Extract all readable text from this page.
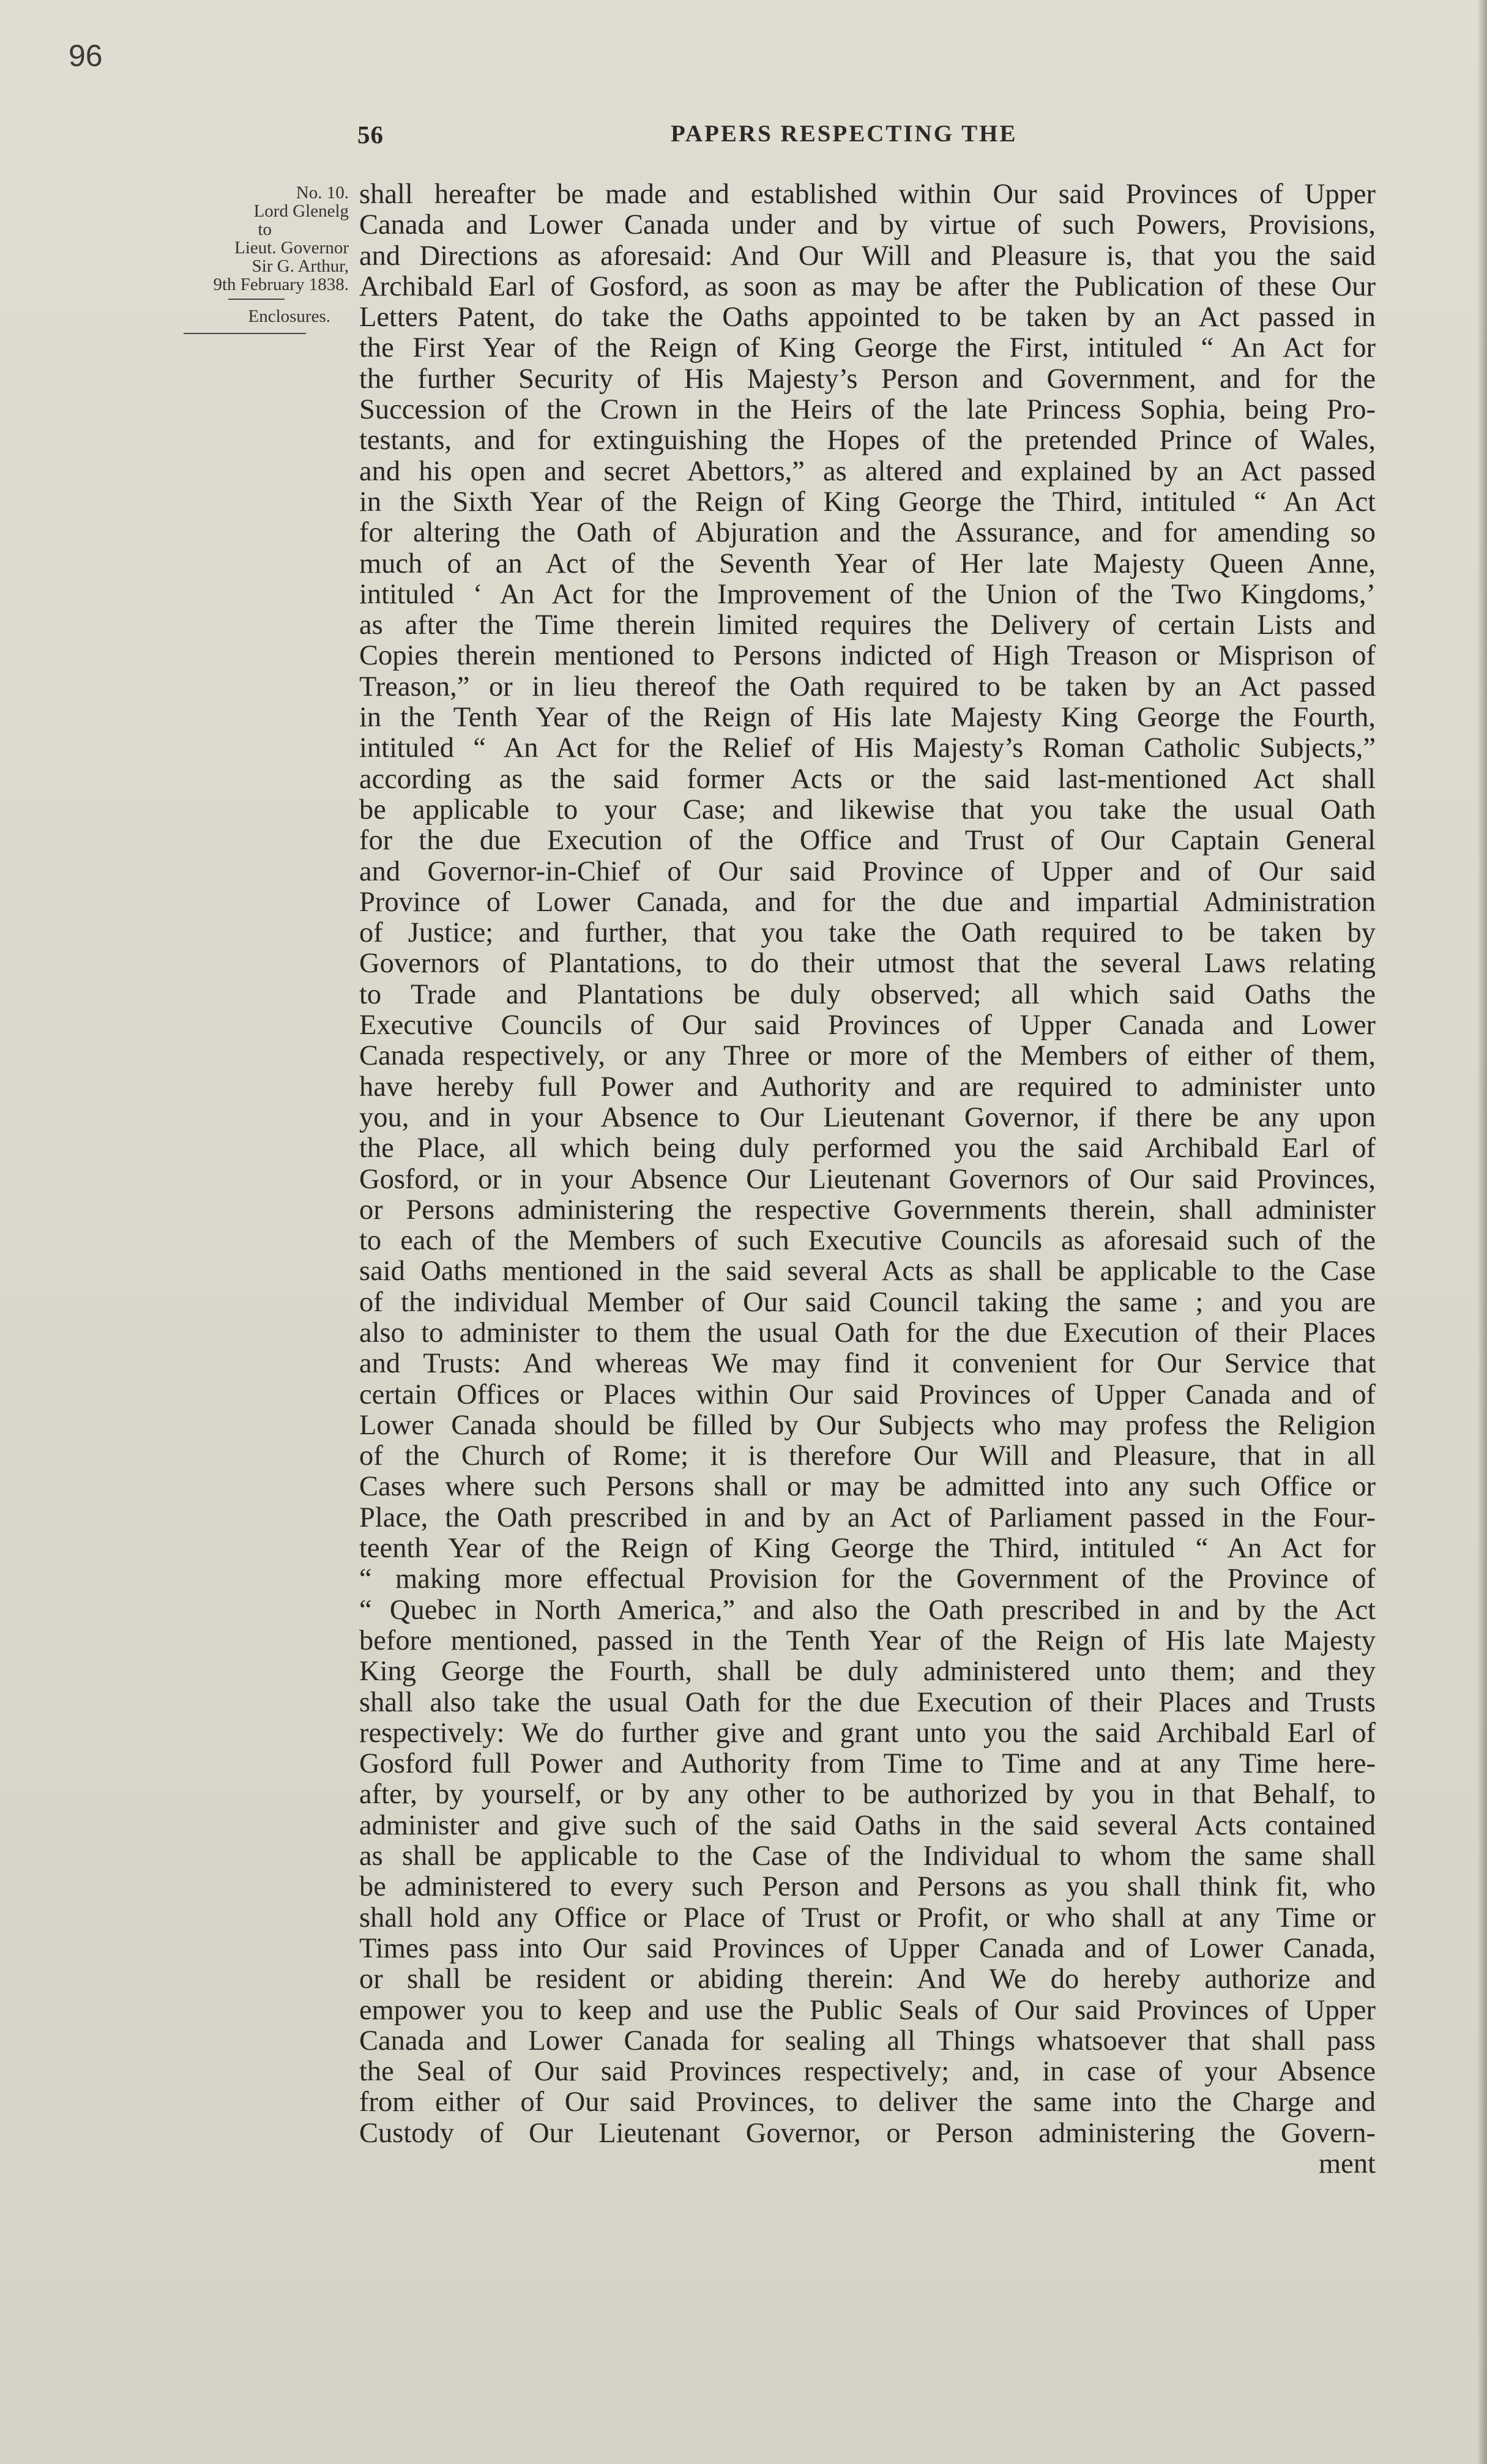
96
56	PAPERS RESPECTING THE
No. 10.
Lord Glenelg
to
Lieut. Governor
Sir G. Arthur,
9th February 1838.
Enclosures.
shall hereafter be made and established within Our said Provinces of Upper
Canada and Lower Canada under and by virtue of such Powers, Provisions,
and Directions as aforesaid: And Our Will and Pleasure is, that you the said
Archibald Earl of Gosford, as soon as may be after the Publication of these Our
Letters Patent, do take the Oaths appointed to be taken by an Act passed in
the First Year of the Reign of King George the First, intituled “ An Act for
the further Security of His Majesty’s Person and Government, and for the
Succession of the Crown in the Heirs of the late Princess Sophia, being Pro-
testants, and for extinguishing the Hopes of the pretended Prince of Wales,
and his open and secret Abettors,” as altered and explained by an Act passed
in the Sixth Year of the Reign of King George the Third, intituled “ An Act
for altering the Oath of Abjuration and the Assurance, and for amending so
much of an Act of the Seventh Year of Her late Majesty Queen Anne,
intituled ‘ An Act for the Improvement of the Union of the Two Kingdoms,’
as after the Time therein limited requires the Delivery of certain Lists and
Copies therein mentioned to Persons indicted of High Treason or Misprison of
Treason,” or in lieu thereof the Oath required to be taken by an Act passed
in the Tenth Year of the Reign of His late Majesty King George the Fourth,
intituled “ An Act for the Relief of His Majesty’s Roman Catholic Subjects,”
according as the said former Acts or the said last-mentioned Act shall
be applicable to your Case; and likewise that you take the usual Oath
for the due Execution of the Office and Trust of Our Captain General
and Governor-in-Chief of Our said Province of Upper and of Our said
Province of Lower Canada, and for the due and impartial Administration
of Justice; and further, that you take the Oath required to be taken by
Governors of Plantations, to do their utmost that the several Laws relating
to Trade and Plantations be duly observed; all which said Oaths the
Executive Councils of Our said Provinces of Upper Canada and Lower
Canada respectively, or any Three or more of the Members of either of them,
have hereby full Power and Authority and are required to administer unto
you, and in your Absence to Our Lieutenant Governor, if there be any upon
the Place, all which being duly performed you the said Archibald Earl of
Gosford, or in your Absence Our Lieutenant Governors of Our said Provinces,
or Persons administering the respective Governments therein, shall administer
to each of the Members of such Executive Councils as aforesaid such of the
said Oaths mentioned in the said several Acts as shall be applicable to the Case
of the individual Member of Our said Council taking the same ; and you are
also to administer to them the usual Oath for the due Execution of their Places
and Trusts: And whereas We may find it convenient for Our Service that
certain Offices or Places within Our said Provinces of Upper Canada and of
Lower Canada should be filled by Our Subjects who may profess the Religion
of the Church of Rome; it is therefore Our Will and Pleasure, that in all
Cases where such Persons shall or may be admitted into any such Office or
Place, the Oath prescribed in and by an Act of Parliament passed in the Four-
teenth Year of the Reign of King George the Third, intituled “ An Act for
“ making more effectual Provision for the Government of the Province of
“ Quebec in North America,” and also the Oath prescribed in and by the Act
before mentioned, passed in the Tenth Year of the Reign of His late Majesty
King George the Fourth, shall be duly administered unto them; and they
shall also take the usual Oath for the due Execution of their Places and Trusts
respectively: We do further give and grant unto you the said Archibald Earl of
Gosford full Power and Authority from Time to Time and at any Time here-
after, by yourself, or by any other to be authorized by you in that Behalf, to
administer and give such of the said Oaths in the said several Acts contained
as shall be applicable to the Case of the Individual to whom the same shall
be administered to every such Person and Persons as you shall think fit, who
shall hold any Office or Place of Trust or Profit, or who shall at any Time or
Times pass into Our said Provinces of Upper Canada and of Lower Canada,
or shall be resident or abiding therein: And We do hereby authorize and
empower you to keep and use the Public Seals of Our said Provinces of Upper
Canada and Lower Canada for sealing all Things whatsoever that shall pass
the Seal of Our said Provinces respectively; and, in case of your Absence
from either of Our said Provinces, to deliver the same into the Charge and
Custody of Our Lieutenant Governor, or Person administering the Govern-
ment
